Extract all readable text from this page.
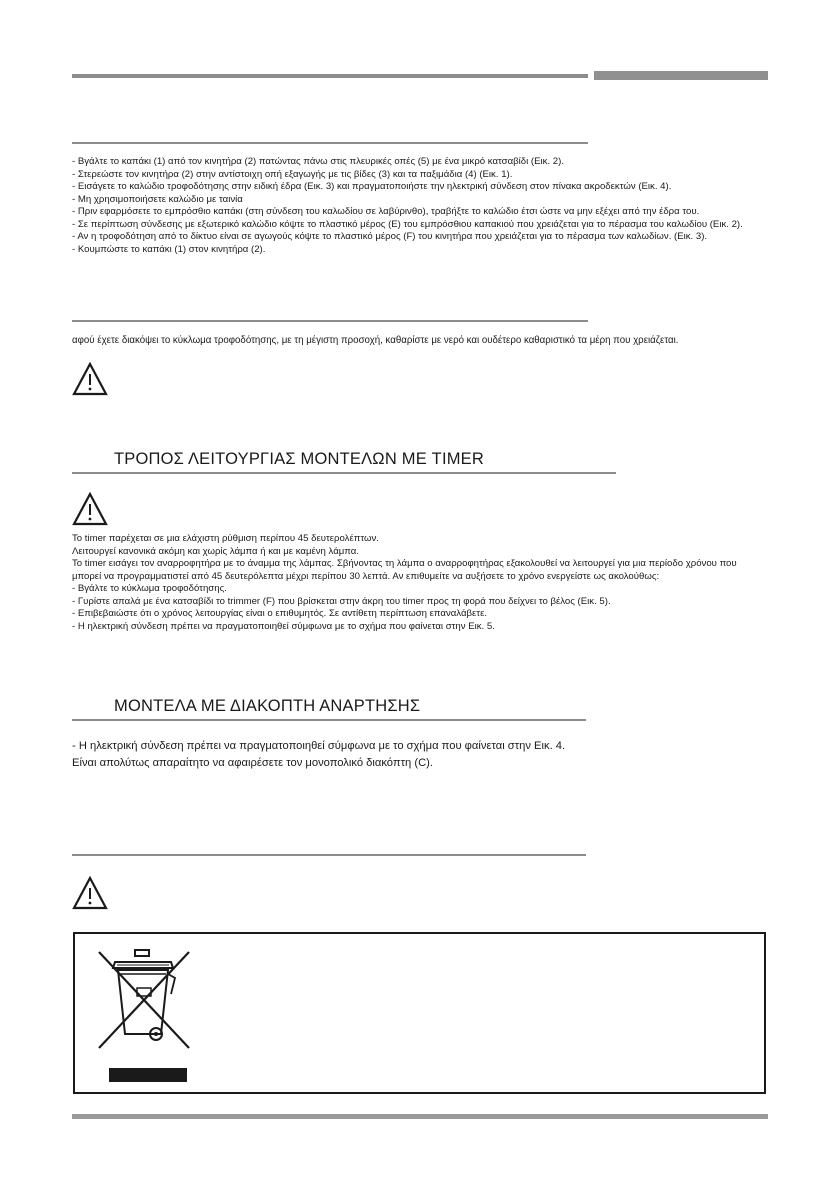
- Βγάλτε το καπάκι (1) από τον κινητήρα (2) πατώντας πάνω στις πλευρικές οπές (5) με ένα μικρό κατσαβίδι (Εικ. 2).
- Στερεώστε τον κινητήρα (2) στην αντίστοιχη οπή εξαγωγής με τις βίδες (3) και τα παξιμάδια (4) (Εικ. 1).
- Εισάγετε το καλώδιο τροφοδότησης στην ειδική έδρα (Εικ. 3) και πραγματοποιήστε την ηλεκτρική σύνδεση στον πίνακα ακροδεκτών (Εικ. 4).
- Μη χρησιμοποιήσετε καλώδιο με ταινία
- Πριν εφαρμόσετε το εμπρόσθιο καπάκι (στη σύνδεση του καλωδίου σε λαβύρινθο), τραβήξτε το καλώδιο έτσι ώστε να μην εξέχει από την έδρα του.
- Σε περίπτωση σύνδεσης με εξωτερικό καλώδιο κόψτε το πλαστικό μέρος (E) του εμπρόσθιου καπακιού που χρειάζεται για το πέρασμα του καλωδίου (Εικ. 2).
- Αν η τροφοδότηση από το δίκτυο είναι σε αγωγούς κόψτε το πλαστικό μέρος (F) του κινητήρα που χρειάζεται για το πέρασμα των καλωδίων. (Εικ. 3).
- Κουμπώστε το καπάκι (1) στον κινητήρα (2).
αφού έχετε διακόψει το κύκλωμα τροφοδότησης, με τη μέγιστη προσοχή, καθαρίστε με νερό και ουδέτερο καθαριστικό τα μέρη που χρειάζεται.
ΤΡΟΠΟΣ ΛΕΙΤΟΥΡΓΙΑΣ ΜΟΝΤΕΛΩΝ ΜΕ TIMER
Το timer παρέχεται σε μια ελάχιστη ρύθμιση περίπου 45 δευτερολέπτων.
Λειτουργεί κανονικά ακόμη και χωρίς λάμπα ή και με καμένη λάμπα.
Το timer εισάγει τον αναρροφητήρα με το άναμμα της λάμπας. Σβήνοντας τη λάμπα ο αναρροφητήρας εξακολουθεί να λειτουργεί για μια περίοδο χρόνου που
μπορεί να προγραμματιστεί από 45 δευτερόλεπτα μέχρι περίπου 30 λεπτά. Αν επιθυμείτε να αυξήσετε το χρόνο ενεργείστε ως ακολούθως:
- Βγάλτε το κύκλωμα τροφοδότησης.
- Γυρίστε απαλά με ένα κατσαβίδι το trimmer (F) που βρίσκεται στην άκρη του timer προς τη φορά που δείχνει το βέλος (Εικ. 5).
- Επιβεβαιώστε ότι ο χρόνος λειτουργίας είναι ο επιθυμητός. Σε αντίθετη περίπτωση επαναλάβετε.
- Η ηλεκτρική σύνδεση πρέπει να πραγματοποιηθεί σύμφωνα με το σχήμα που φαίνεται στην Εικ. 5.
ΜΟΝΤΕΛΑ ΜΕ ΔΙΑΚΟΠΤΗ ΑΝΑΡΤΗΣΗΣ
- Η ηλεκτρική σύνδεση πρέπει να πραγματοποιηθεί σύμφωνα με το σχήμα που φαίνεται στην Εικ. 4.
Είναι απολύτως απαραίτητο να αφαιρέσετε τον μονοπολικό διακόπτη (C).
